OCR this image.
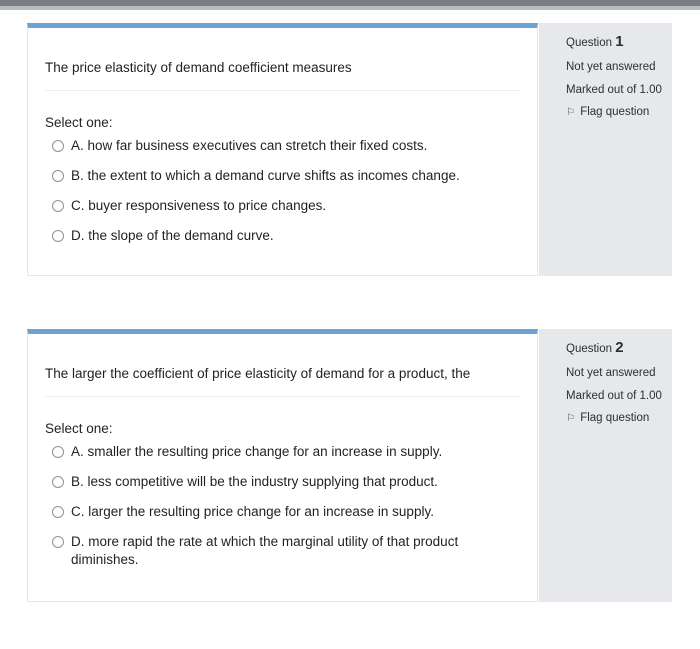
The price elasticity of demand coefficient measures
Select one:
A. how far business executives can stretch their fixed costs.
B. the extent to which a demand curve shifts as incomes change.
C. buyer responsiveness to price changes.
D. the slope of the demand curve.
Question 1
Not yet answered
Marked out of 1.00
⚐ Flag question
The larger the coefficient of price elasticity of demand for a product, the
Select one:
A. smaller the resulting price change for an increase in supply.
B. less competitive will be the industry supplying that product.
C. larger the resulting price change for an increase in supply.
D. more rapid the rate at which the marginal utility of that product diminishes.
Question 2
Not yet answered
Marked out of 1.00
⚐ Flag question
